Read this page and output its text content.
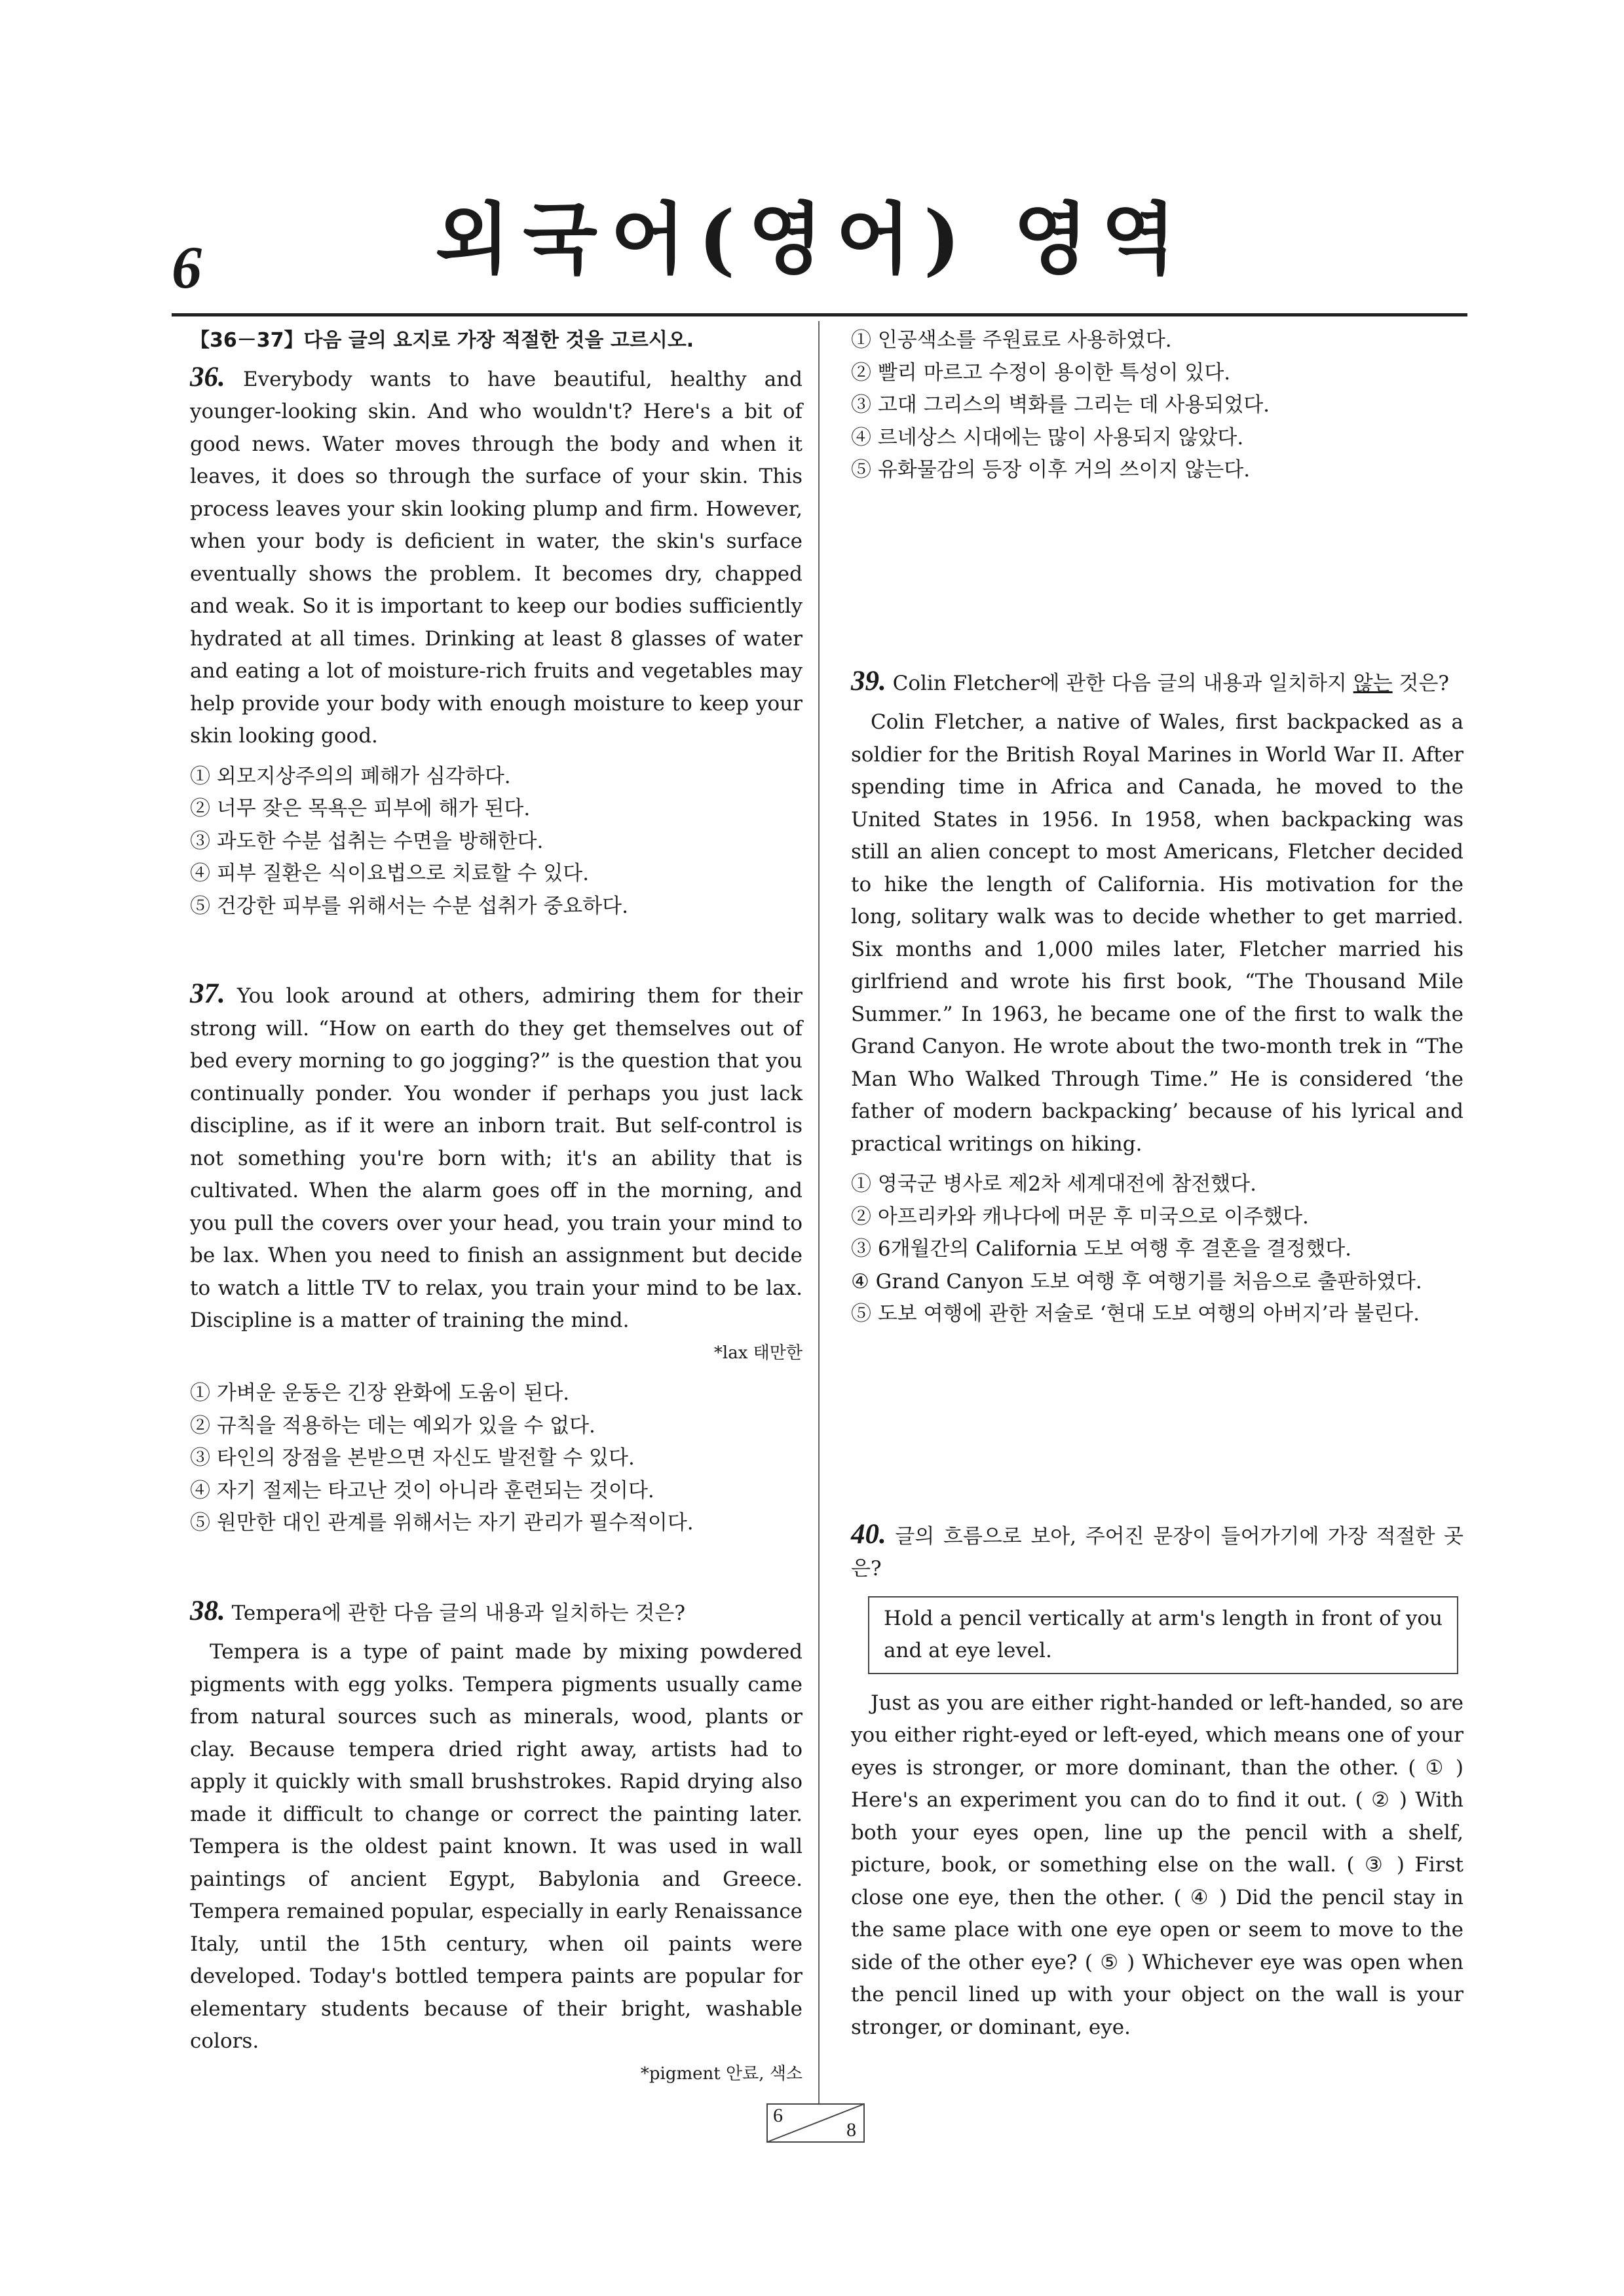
6	외국어(영어) 영역

【36－37】다음 글의 요지로 가장 적절한 것을 고르시오.

36. Everybody wants to have beautiful, healthy and younger-looking skin. And who wouldn't? Here's a bit of good news. Water moves through the body and when it leaves, it does so through the surface of your skin. This process leaves your skin looking plump and firm. However, when your body is deficient in water, the skin's surface eventually shows the problem. It becomes dry, chapped and weak. So it is important to keep our bodies sufficiently hydrated at all times. Drinking at least 8 glasses of water and eating a lot of moisture-rich fruits and vegetables may help provide your body with enough moisture to keep your skin looking good.

① 외모지상주의의 폐해가 심각하다.

② 너무 잦은 목욕은 피부에 해가 된다.

③ 과도한 수분 섭취는 수면을 방해한다.

④ 피부 질환은 식이요법으로 치료할 수 있다.

⑤ 건강한 피부를 위해서는 수분 섭취가 중요하다.

37. You look around at others, admiring them for their strong will. “How on earth do they get themselves out of bed every morning to go jogging?” is the question that you continually ponder. You wonder if perhaps you just lack discipline, as if it were an inborn trait. But self-control is not something you're born with; it's an ability that is cultivated. When the alarm goes off in the morning, and you pull the covers over your head, you train your mind to be lax. When you need to finish an assignment but decide to watch a little TV to relax, you train your mind to be lax. Discipline is a matter of training the mind.

*lax 태만한

① 가벼운 운동은 긴장 완화에 도움이 된다.

② 규칙을 적용하는 데는 예외가 있을 수 없다.

③ 타인의 장점을 본받으면 자신도 발전할 수 있다.

④ 자기 절제는 타고난 것이 아니라 훈련되는 것이다.

⑤ 원만한 대인 관계를 위해서는 자기 관리가 필수적이다.

38. Tempera에 관한 다음 글의 내용과 일치하는 것은?

Tempera is a type of paint made by mixing powdered pigments with egg yolks. Tempera pigments usually came from natural sources such as minerals, wood, plants or clay. Because tempera dried right away, artists had to apply it quickly with small brushstrokes. Rapid drying also made it difficult to change or correct the painting later. Tempera is the oldest paint known. It was used in wall paintings of ancient Egypt, Babylonia and Greece. Tempera remained popular, especially in early Renaissance Italy, until the 15th century, when oil paints were developed. Today's bottled tempera paints are popular for elementary students because of their bright, washable colors.

*pigment 안료, 색소

① 인공색소를 주원료로 사용하였다.

② 빨리 마르고 수정이 용이한 특성이 있다.

③ 고대 그리스의 벽화를 그리는 데 사용되었다.

④ 르네상스 시대에는 많이 사용되지 않았다.

⑤ 유화물감의 등장 이후 거의 쓰이지 않는다.

39. Colin Fletcher에 관한 다음 글의 내용과 일치하지 않는 것은?

Colin Fletcher, a native of Wales, first backpacked as a soldier for the British Royal Marines in World War II. After spending time in Africa and Canada, he moved to the United States in 1956. In 1958, when backpacking was still an alien concept to most Americans, Fletcher decided to hike the length of California. His motivation for the long, solitary walk was to decide whether to get married. Six months and 1,000 miles later, Fletcher married his girlfriend and wrote his first book, “The Thousand Mile Summer.” In 1963, he became one of the first to walk the Grand Canyon. He wrote about the two-month trek in “The Man Who Walked Through Time.” He is considered ‘the father of modern backpacking’ because of his lyrical and practical writings on hiking.

① 영국군 병사로 제2차 세계대전에 참전했다.

② 아프리카와 캐나다에 머문 후 미국으로 이주했다.

③ 6개월간의 California 도보 여행 후 결혼을 결정했다.

④ Grand Canyon 도보 여행 후 여행기를 처음으로 출판하였다.

⑤ 도보 여행에 관한 저술로 ‘현대 도보 여행의 아버지’라 불린다.

40. 글의 흐름으로 보아, 주어진 문장이 들어가기에 가장 적절한 곳은?

Hold a pencil vertically at arm's length in front of you and at eye level.

Just as you are either right-handed or left-handed, so are you either right-eyed or left-eyed, which means one of your eyes is stronger, or more dominant, than the other. ( ① ) Here's an experiment you can do to find it out. ( ② ) With both your eyes open, line up the pencil with a shelf, picture, book, or something else on the wall. ( ③ ) First close one eye, then the other. ( ④ ) Did the pencil stay in the same place with one eye open or seem to move to the side of the other eye? ( ⑤ ) Whichever eye was open when the pencil lined up with your object on the wall is your stronger, or dominant, eye.

6
8
